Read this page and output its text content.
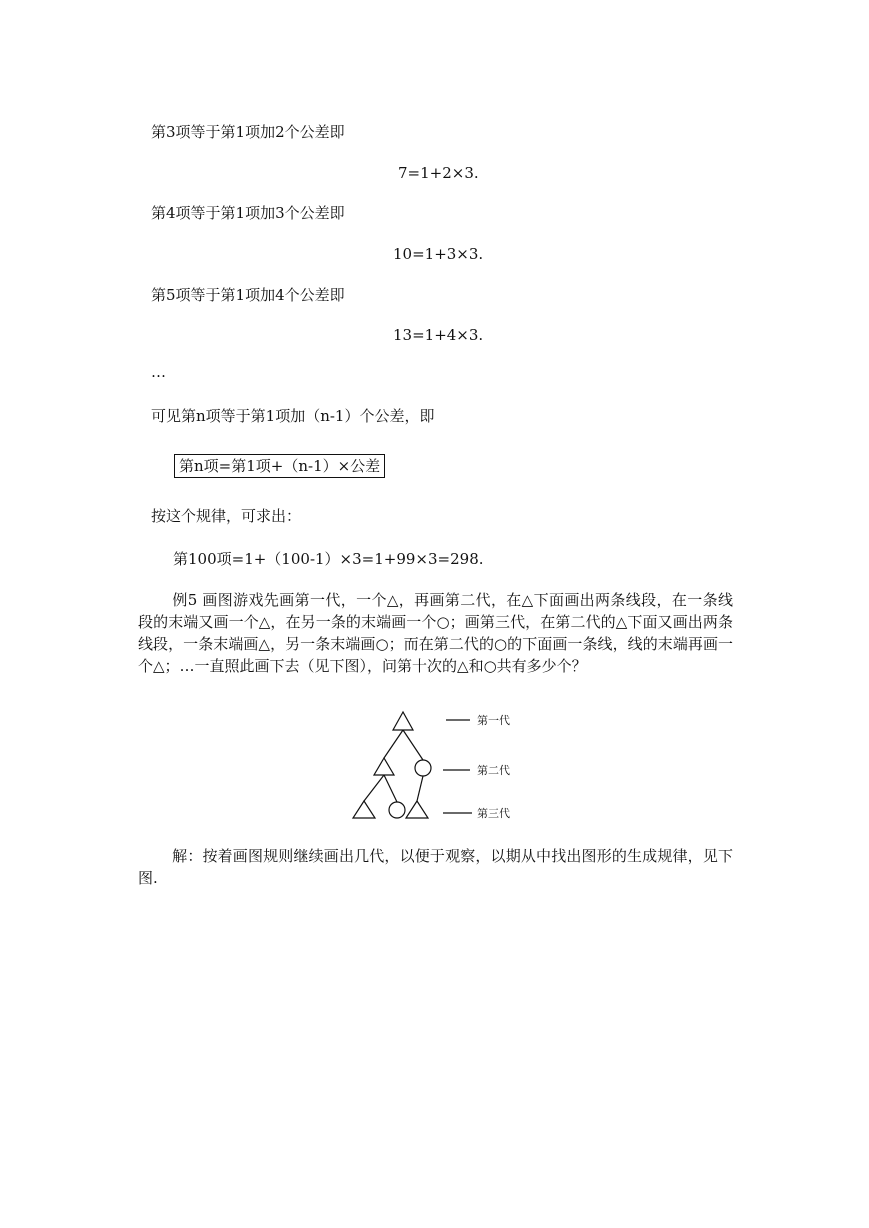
第3项等于第1项加2个公差即
7=1+2×3.
第4项等于第1项加3个公差即
10=1+3×3.
第5项等于第1项加4个公差即
13=1+4×3.
…
可见第n项等于第1项加（n-1）个公差，即
第n项=第1项+（n-1）×公差
按这个规律，可求出：
第100项=1+（100-1）×3=1+99×3=298.
例5 画图游戏先画第一代，一个△，再画第二代，在△下面画出两条线段，在一条线段的末端又画一个△，在另一条的末端画一个○；画第三代，在第二代的△下面又画出两条线段，一条末端画△，另一条末端画○；而在第二代的○的下面画一条线，线的末端再画一个△；…一直照此画下去（见下图），问第十次的△和○共有多少个？
第一代
第二代
第三代
解：按着画图规则继续画出几代，以便于观察，以期从中找出图形的生成规律，见下图.
